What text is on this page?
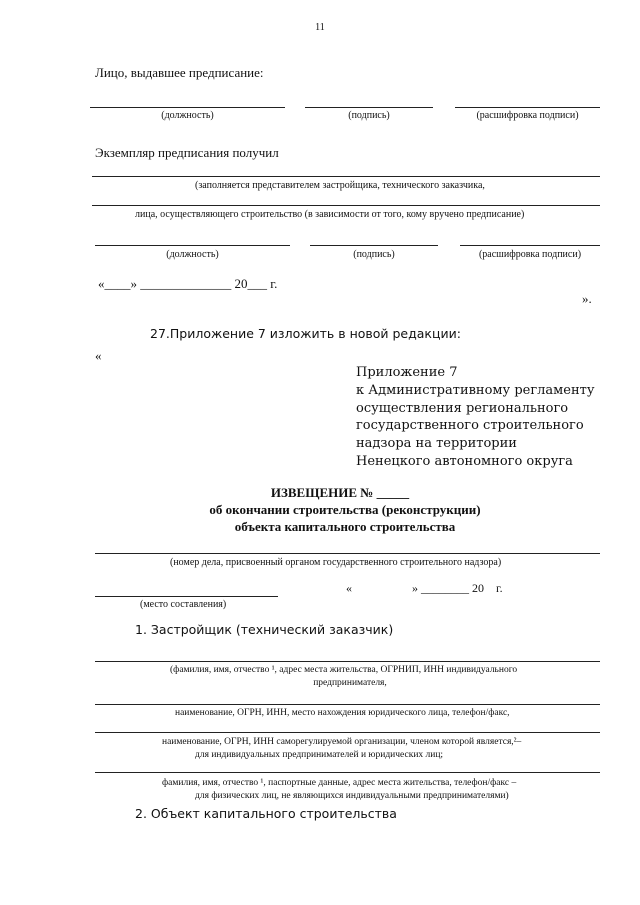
11
Лицо, выдавшее предписание:
(должность)	(подпись)	(расшифровка подписи)
Экземпляр предписания получил
(заполняется представителем застройщика, технического заказчика,
лица, осуществляющего строительство (в зависимости от того, кому вручено предписание)
(должность)	(подпись)	(расшифровка подписи)
«____» ______________ 20___ г.
».
27.Приложение 7 изложить в новой редакции:
«
Приложение 7
к Административному регламенту
осуществления регионального
государственного строительного
надзора на территории
Ненецкого автономного округа
ИЗВЕЩЕНИЕ № _____
об окончании строительства (реконструкции)
объекта капитального строительства
(номер дела, присвоенный органом государственного строительного надзора)
«                    » ________ 20    г.
(место составления)
1. Застройщик (технический заказчик)
(фамилия, имя, отчество ¹, адрес места жительства, ОГРНИП, ИНН индивидуального
предпринимателя,
наименование, ОГРН, ИНН, место нахождения юридического лица, телефон/факс,
наименование, ОГРН, ИНН саморегулируемой организации, членом которой является,²–
для индивидуальных предпринимателей и юридических лиц;
фамилия, имя, отчество ¹, паспортные данные, адрес места жительства, телефон/факс –
для физических лиц, не являющихся индивидуальными предпринимателями)
2. Объект капитального строительства
